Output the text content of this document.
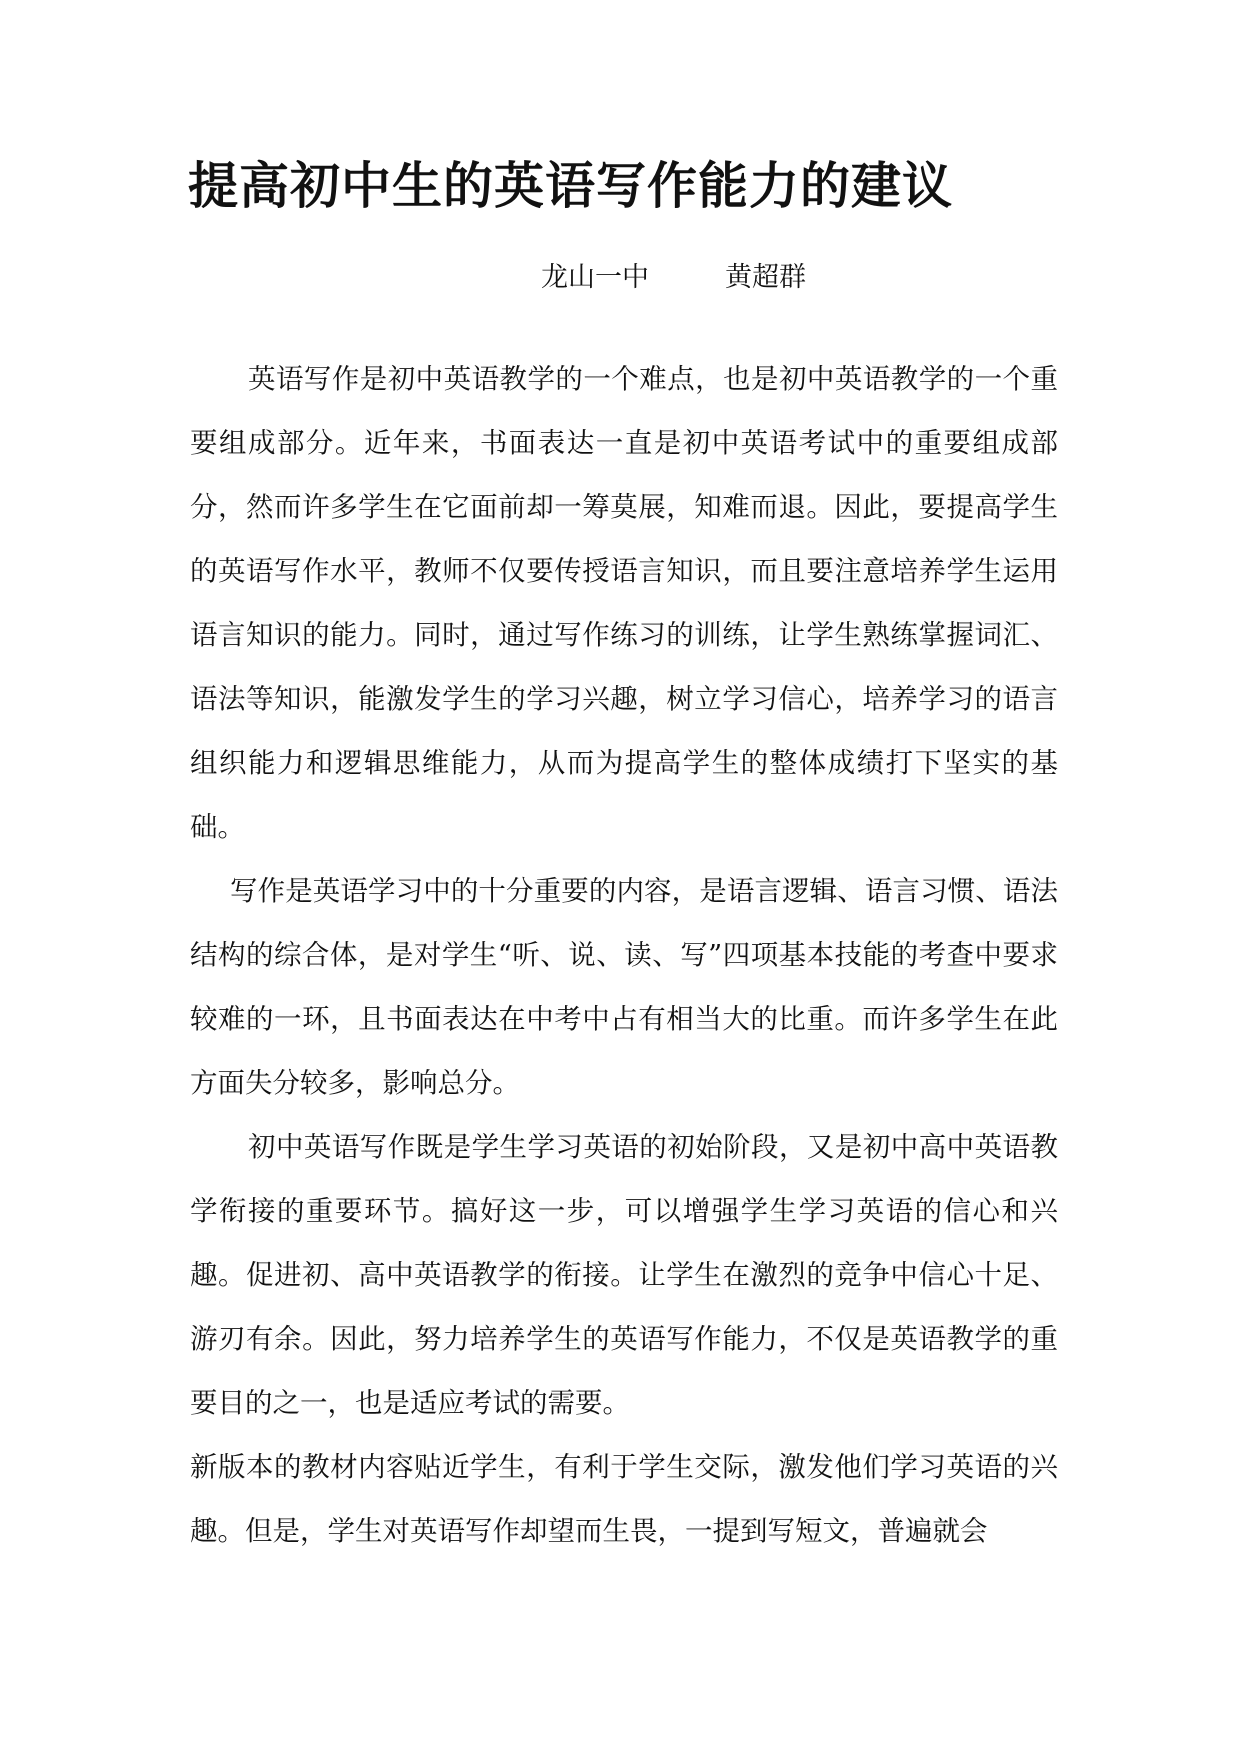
提高初中生的英语写作能力的建议
龙山一中	黄超群

英语写作是初中英语教学的一个难点，也是初中英语教学的一个重要组成部分。近年来，书面表达一直是初中英语考试中的重要组成部分，然而许多学生在它面前却一筹莫展，知难而退。因此，要提高学生的英语写作水平，教师不仅要传授语言知识，而且要注意培养学生运用语言知识的能力。同时，通过写作练习的训练，让学生熟练掌握词汇、语法等知识，能激发学生的学习兴趣，树立学习信心，培养学习的语言组织能力和逻辑思维能力，从而为提高学生的整体成绩打下坚实的基础。

写作是英语学习中的十分重要的内容，是语言逻辑、语言习惯、语法结构的综合体，是对学生“听、说、读、写”四项基本技能的考查中要求较难的一环，且书面表达在中考中占有相当大的比重。而许多学生在此方面失分较多，影响总分。

初中英语写作既是学生学习英语的初始阶段，又是初中高中英语教学衔接的重要环节。搞好这一步，可以增强学生学习英语的信心和兴趣。促进初、高中英语教学的衔接。让学生在激烈的竞争中信心十足、游刃有余。因此，努力培养学生的英语写作能力，不仅是英语教学的重要目的之一，也是适应考试的需要。

新版本的教材内容贴近学生，有利于学生交际，激发他们学习英语的兴趣。但是，学生对英语写作却望而生畏，一提到写短文，普遍就会
